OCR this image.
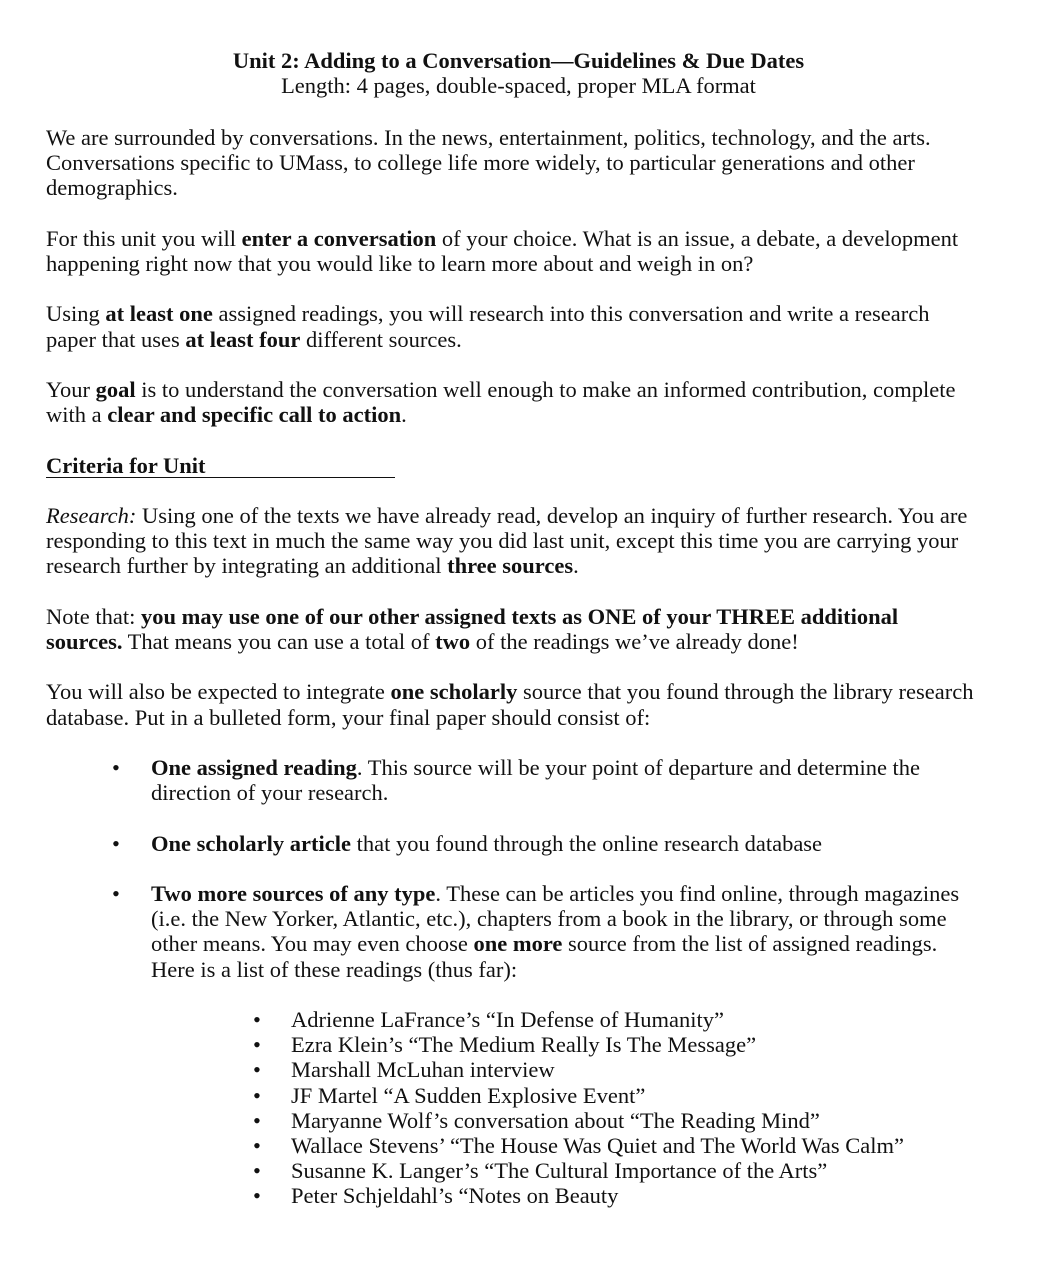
Unit 2: Adding to a Conversation—Guidelines & Due Dates
Length: 4 pages, double-spaced, proper MLA format

We are surrounded by conversations. In the news, entertainment, politics, technology, and the arts. Conversations specific to UMass, to college life more widely, to particular generations and other demographics.

For this unit you will enter a conversation of your choice. What is an issue, a debate, a development happening right now that you would like to learn more about and weigh in on?

Using at least one assigned readings, you will research into this conversation and write a research paper that uses at least four different sources.

Your goal is to understand the conversation well enough to make an informed contribution, complete with a clear and specific call to action.

Criteria for Unit

Research: Using one of the texts we have already read, develop an inquiry of further research. You are responding to this text in much the same way you did last unit, except this time you are carrying your research further by integrating an additional three sources.

Note that: you may use one of our other assigned texts as ONE of your THREE additional sources. That means you can use a total of two of the readings we’ve already done!

You will also be expected to integrate one scholarly source that you found through the library research database. Put in a bulleted form, your final paper should consist of:

• One assigned reading. This source will be your point of departure and determine the direction of your research.
• One scholarly article that you found through the online research database
• Two more sources of any type. These can be articles you find online, through magazines (i.e. the New Yorker, Atlantic, etc.), chapters from a book in the library, or through some other means. You may even choose one more source from the list of assigned readings. Here is a list of these readings (thus far):
• Adrienne LaFrance’s “In Defense of Humanity”
• Ezra Klein’s “The Medium Really Is The Message”
• Marshall McLuhan interview
• JF Martel “A Sudden Explosive Event”
• Maryanne Wolf’s conversation about “The Reading Mind”
• Wallace Stevens’ “The House Was Quiet and The World Was Calm”
• Susanne K. Langer’s “The Cultural Importance of the Arts”
• Peter Schjeldahl’s “Notes on Beauty
